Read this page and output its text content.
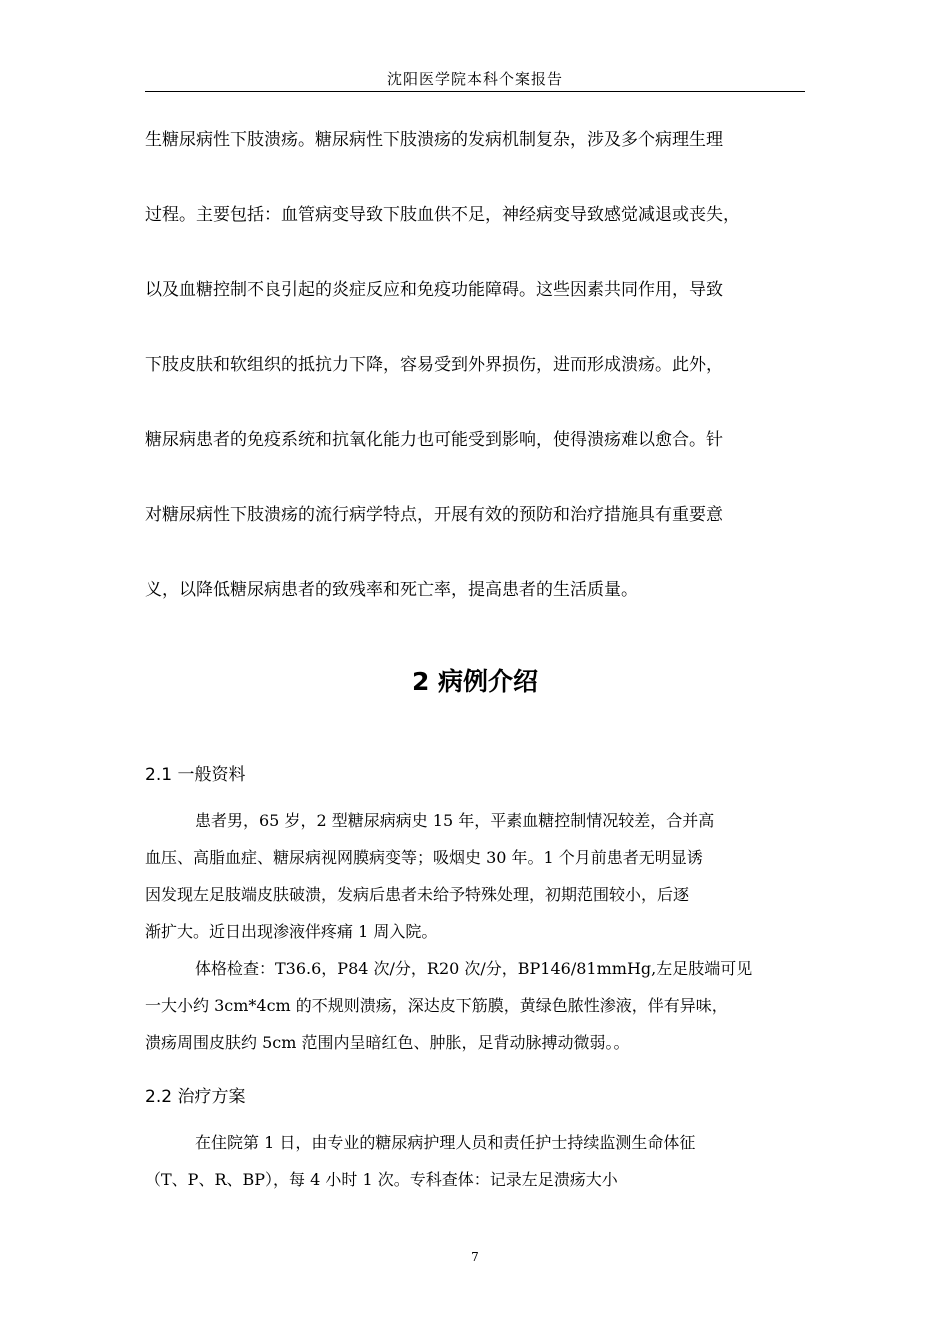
沈阳医学院本科个案报告
生糖尿病性下肢溃疡。糖尿病性下肢溃疡的发病机制复杂，涉及多个病理生理
过程。主要包括：血管病变导致下肢血供不足，神经病变导致感觉减退或丧失，
以及血糖控制不良引起的炎症反应和免疫功能障碍。这些因素共同作用，导致
下肢皮肤和软组织的抵抗力下降，容易受到外界损伤，进而形成溃疡。此外，
糖尿病患者的免疫系统和抗氧化能力也可能受到影响，使得溃疡难以愈合。针
对糖尿病性下肢溃疡的流行病学特点，开展有效的预防和治疗措施具有重要意
义，以降低糖尿病患者的致残率和死亡率，提高患者的生活质量。
2 病例介绍
2.1 一般资料
患者男，65 岁，2 型糖尿病病史 15 年，平素血糖控制情况较差，合并高
血压、高脂血症、糖尿病视网膜病变等；吸烟史 30 年。1 个月前患者无明显诱
因发现左足肢端皮肤破溃，发病后患者未给予特殊处理，初期范围较小，后逐
渐扩大。近日出现渗液伴疼痛 1 周入院。
体格检查：T36.6，P84 次/分，R20 次/分，BP146/81mmHg,左足肢端可见
一大小约 3cm*4cm 的不规则溃疡，深达皮下筋膜，黄绿色脓性渗液，伴有异味，
溃疡周围皮肤约 5cm 范围内呈暗红色、肿胀，足背动脉搏动微弱。。
2.2 治疗方案
在住院第 1 日，由专业的糖尿病护理人员和责任护士持续监测生命体征
（T、P、R、BP），每 4 小时 1 次。专科查体：记录左足溃疡大小
7
